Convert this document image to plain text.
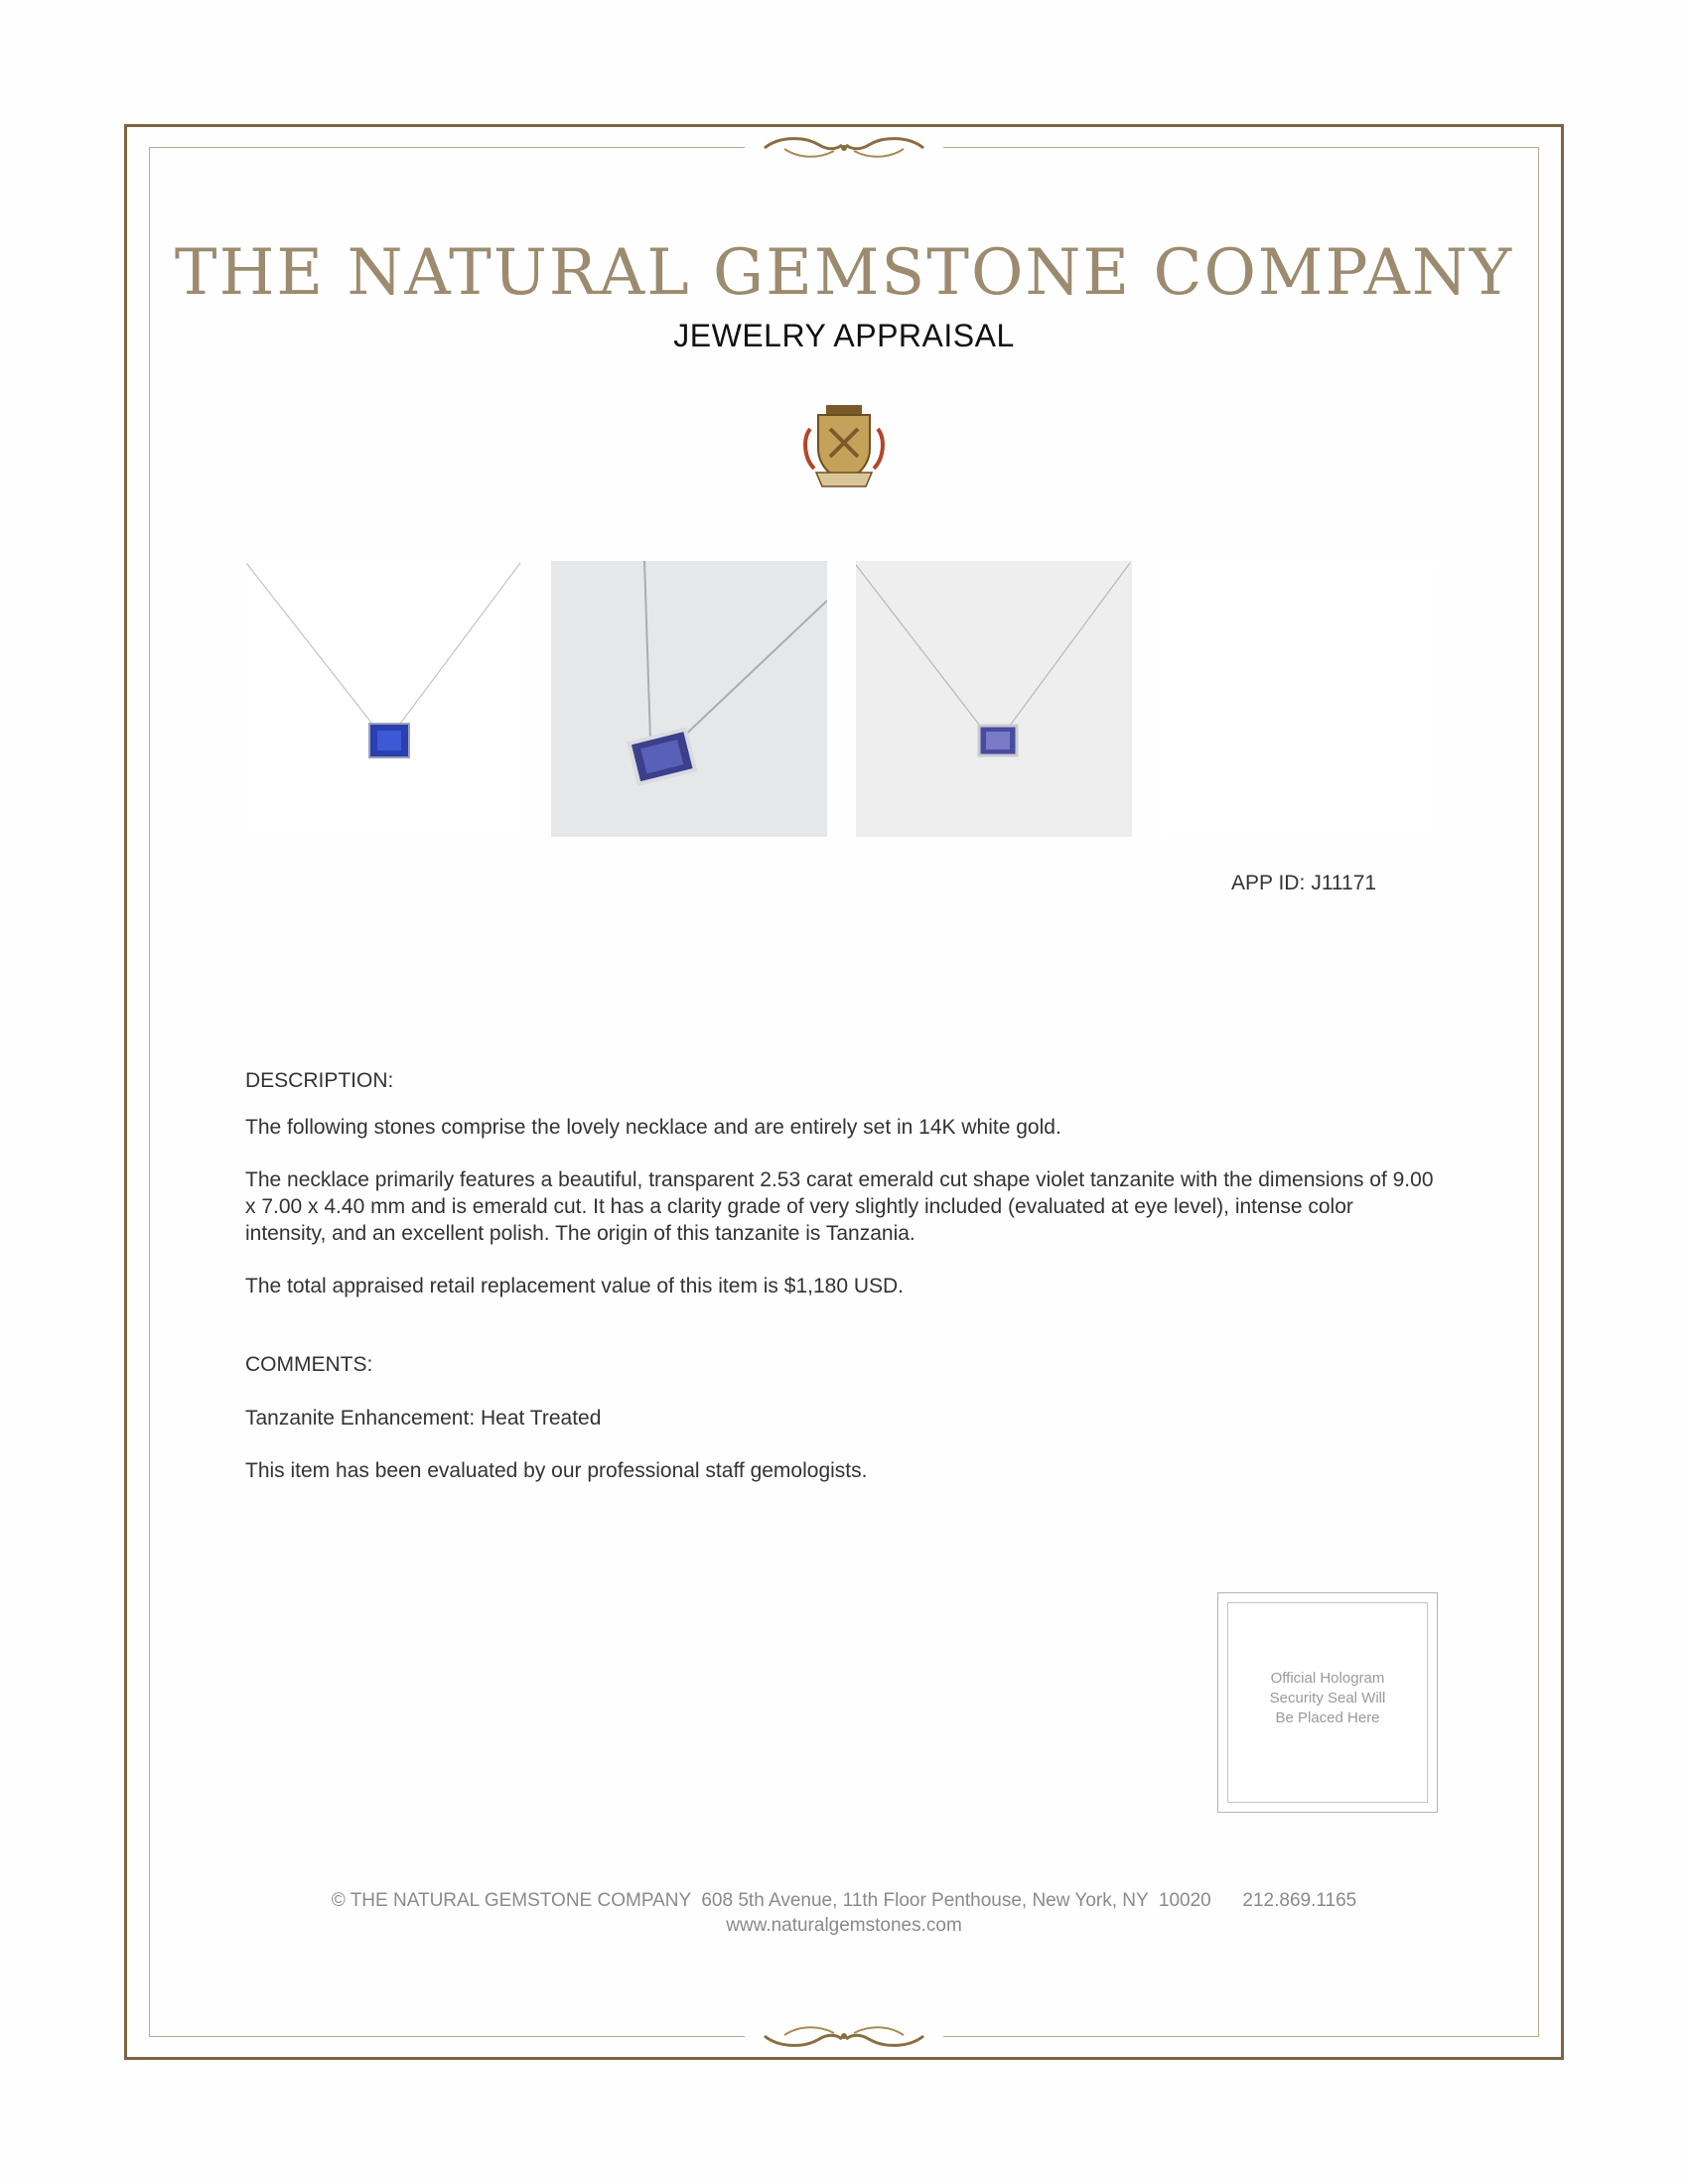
THE NATURAL GEMSTONE COMPANY
JEWELRY APPRAISAL
APP ID: J11171
DESCRIPTION:
The following stones comprise the lovely necklace and are entirely set in 14K white gold.
The necklace primarily features a beautiful, transparent 2.53 carat emerald cut shape violet tanzanite with the dimensions of 9.00 x 7.00 x 4.40 mm and is emerald cut. It has a clarity grade of very slightly included (evaluated at eye level), intense color intensity, and an excellent polish. The origin of this tanzanite is Tanzania.
The total appraised retail replacement value of this item is $1,180 USD.
COMMENTS:
Tanzanite Enhancement: Heat Treated
This item has been evaluated by our professional staff gemologists.
Official Hologram
Security Seal Will
Be Placed Here
© THE NATURAL GEMSTONE COMPANY  608 5th Avenue, 11th Floor Penthouse, New York, NY  10020      212.869.1165
www.naturalgemstones.com
